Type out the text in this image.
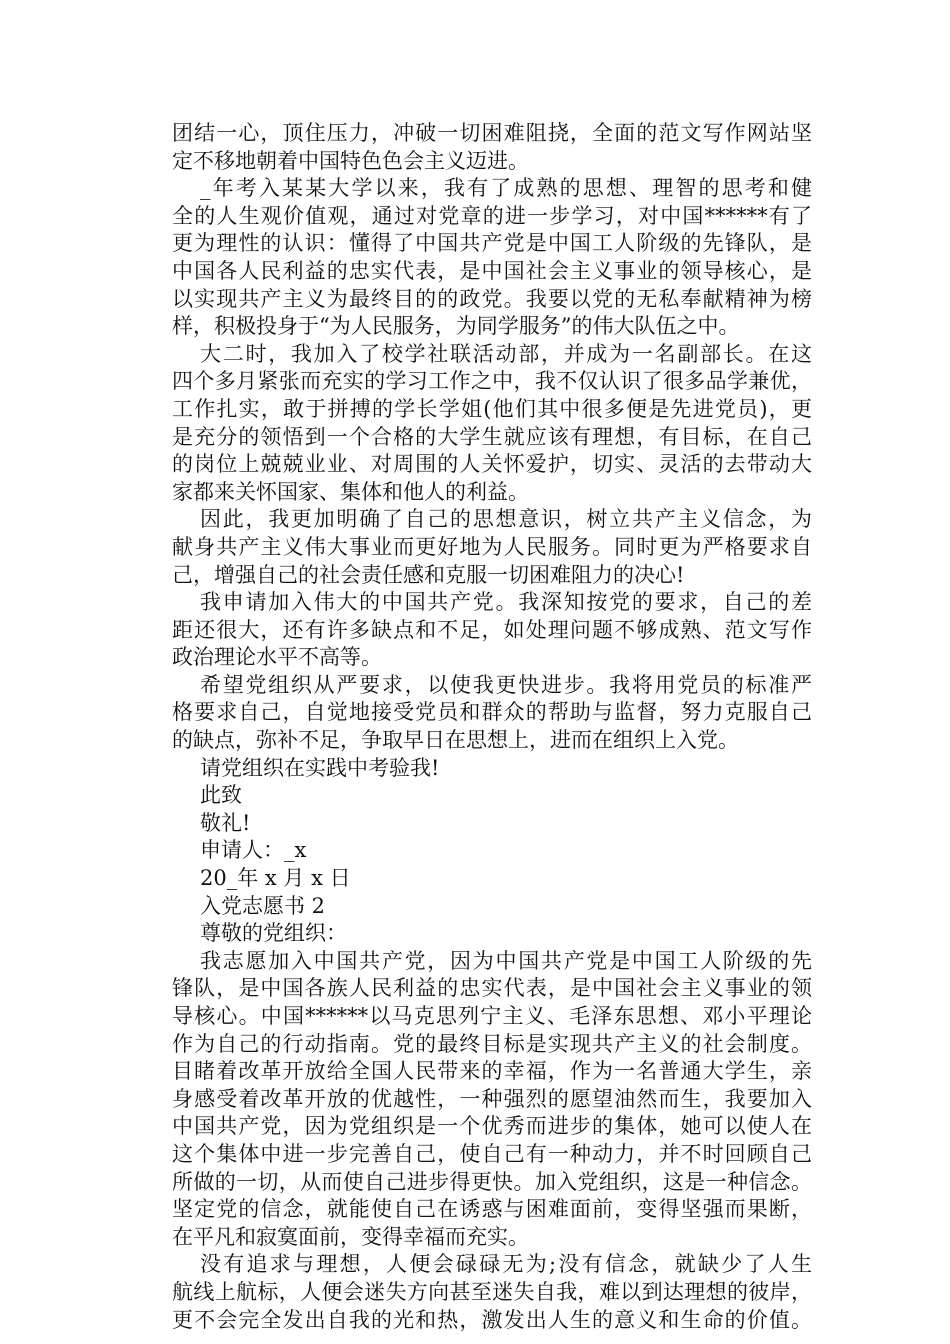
团结一心，顶住压力，冲破一切困难阻挠，全面的范文写作网站坚
定不移地朝着中国特色色会主义迈进。
_年考入某某大学以来，我有了成熟的思想、理智的思考和健
全的人生观价值观，通过对党章的进一步学习，对中国******有了
更为理性的认识：懂得了中国共产党是中国工人阶级的先锋队，是
中国各人民利益的忠实代表，是中国社会主义事业的领导核心，是
以实现共产主义为最终目的的政党。我要以党的无私奉献精神为榜
样，积极投身于“为人民服务，为同学服务”的伟大队伍之中。
大二时，我加入了校学社联活动部，并成为一名副部长。在这
四个多月紧张而充实的学习工作之中，我不仅认识了很多品学兼优，
工作扎实，敢于拼搏的学长学姐(他们其中很多便是先进党员)，更
是充分的领悟到一个合格的大学生就应该有理想，有目标，在自己
的岗位上兢兢业业、对周围的人关怀爱护，切实、灵活的去带动大
家都来关怀国家、集体和他人的利益。
因此，我更加明确了自己的思想意识，树立共产主义信念，为
献身共产主义伟大事业而更好地为人民服务。同时更为严格要求自
己，增强自己的社会责任感和克服一切困难阻力的决心!
我申请加入伟大的中国共产党。我深知按党的要求，自己的差
距还很大，还有许多缺点和不足，如处理问题不够成熟、范文写作
政治理论水平不高等。
希望党组织从严要求，以使我更快进步。我将用党员的标准严
格要求自己，自觉地接受党员和群众的帮助与监督，努力克服自己
的缺点，弥补不足，争取早日在思想上，进而在组织上入党。
请党组织在实践中考验我!
此致
敬礼!
申请人：_x
20_年 x 月 x 日
入党志愿书 2
尊敬的党组织：
我志愿加入中国共产党，因为中国共产党是中国工人阶级的先
锋队，是中国各族人民利益的忠实代表，是中国社会主义事业的领
导核心。中国******以马克思列宁主义、毛泽东思想、邓小平理论
作为自己的行动指南。党的最终目标是实现共产主义的社会制度。
目睹着改革开放给全国人民带来的幸福，作为一名普通大学生，亲
身感受着改革开放的优越性，一种强烈的愿望油然而生，我要加入
中国共产党，因为党组织是一个优秀而进步的集体，她可以使人在
这个集体中进一步完善自己，使自己有一种动力，并不时回顾自己
所做的一切，从而使自己进步得更快。加入党组织，这是一种信念。
坚定党的信念，就能使自己在诱惑与困难面前，变得坚强而果断，
在平凡和寂寞面前，变得幸福而充实。
没有追求与理想，人便会碌碌无为;没有信念，就缺少了人生
航线上航标，人便会迷失方向甚至迷失自我，难以到达理想的彼岸，
更不会完全发出自我的光和热，激发出人生的意义和生命的价值。
